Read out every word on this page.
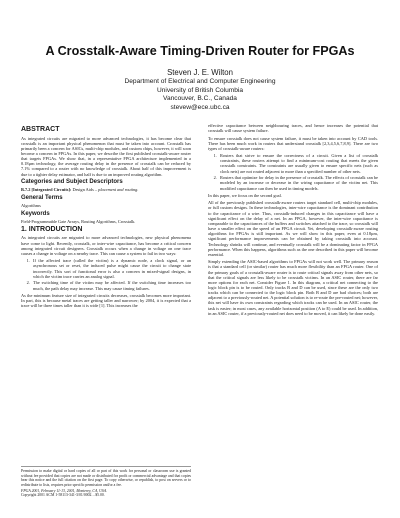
A Crosstalk-Aware Timing-Driven Router for FPGAs
Steven J. E. Wilton
Department of Electrical and Computer Engineering
University of British Columbia
Vancouver, B.C., Canada
stevew@ece.ubc.ca
ABSTRACT

As integrated circuits are migrated to more advanced technologies, it has become clear that crosstalk is an important physical phenomenon that must be taken into account. Crosstalk has primarily been a concern for ASICs, multi-chip modules, and custom chips, however, it will soon become a concern in FPGAs. In this paper, we describe the first published crosstalk-aware router that targets FPGAs. We show that, in a representative FPGA architecture implemented in a 0.18µm technology, the average routing delay in the presence of crosstalk can be reduced by 7.1% compared to a router with no knowledge of crosstalk. About half of this improvement is due to a tighter delay estimator, and half is due to an improved routing algorithm.

Categories and Subject Descriptors

B.7.2 [Integrated Circuits]: Design Aids – placement and routing.

General Terms

Algorithms

Keywords

Field-Programmable Gate Arrays, Routing Algorithms, Crosstalk.

1. INTRODUCTION

As integrated circuits are migrated to more advanced technologies, new physical phenomena have come to light. Recently, crosstalk, or inter-wire capacitance, has become a critical concern among integrated circuit designers. Crosstalk occurs when a change in voltage on one trace causes a change in voltage on a nearby trace. This can cause a system to fail in two ways:

1. If the affected trace (called the victim) is a dynamic node, a clock signal, or an asynchronous set or reset, the induced pulse might cause the circuit to change state incorrectly. This sort of functional error is also a concern in mixed-signal designs, in which the victim trace carries an analog signal.
2. The switching time of the victim may be affected. If the switching time increases too much, the path delay may increase. This may cause timing failures.

As the minimum feature size of integrated circuits decreases, crosstalk becomes more important. In part, this is because metal traces are getting taller and narrower; by 2004, it is expected that a trace will be three times taller than it is wide [1]. This increases the

Permission to make digital or hard copies of all or part of this work for personal or classroom use is granted without fee provided that copies are not made or distributed for profit or commercial advantage and that copies bear this notice and the full citation on the first page. To copy otherwise, or republish, to post on servers or to redistribute to lists, requires prior specific permission and/or a fee.
FPGA 2001, February 11-13, 2001, Monterey, CA, USA.
Copyright 2001 ACM 1-58113-341-3/01/0002…$5.00.

effective capacitance between neighbouring traces, and hence increases the potential that crosstalk will cause system failure.

To ensure crosstalk does not cause system failure, it must be taken into account by CAD tools. There has been much work in routers that understand crosstalk [2,3,4,5,6,7,8,9]. There are two types of crosstalk-aware routers:

1. Routers that strive to ensure the correctness of a circuit. Given a list of crosstalk constraints, these routers attempt to find a minimum-cost routing that meets the given crosstalk constraints. The constraints are usually given to ensure specific nets (such as clock nets) are not routed adjacent to more than a specified number of other nets.
2. Routers that optimize for delay in the presence of crosstalk. The effects of crosstalk can be modeled by an increase or decrease in the wiring capacitance of the victim net. This modified capacitance can then be used in timing models.

In this paper, we focus on the second goal.

All of the previously published crosstalk-aware routers target standard cell, multi-chip modules, or full custom designs. In these technologies, inter-wire capacitance is the dominant contribution to the capacitance of a wire. Thus, crosstalk-induced changes in this capacitance will have a significant effect on the delay of a net. In an FPGA, however, the inter-wire capacitance is comparable to the capacitances of the buffers and switches attached to the trace, so crosstalk will have a smaller effect on the speed of an FPGA circuit. Yet, developing crosstalk-aware routing algorithms for FPGAs is still important. As we will show in this paper, even at 0.18µm, significant performance improvements can be obtained by taking crosstalk into account. Technology shrinks will continue, and eventually crosstalk will be a dominating factor in FPGA performance. When this happens, algorithms such as the one described in this paper will become essential.

Simply extending the ASIC-based algorithms to FPGAs will not work well. The primary reason is that a standard cell (or similar) router has much more flexibility than an FPGA router. One of the primary goals of a crosstalk-aware router is to route critical signals away from other nets, so that the critical signals are less likely to be crosstalk victims. In an ASIC router, there are far more options for each net. Consider Figure 1. In this diagram, a critical net connecting to the logic block pin is to be routed. Only tracks B and D can be used, since these are the only two tracks which can be connected to the logic block pin. Both B and D are bad choices; both are adjacent to a previously-routed net. A potential solution is to re-route the pre-routed net; however, this net will have its own constraints regarding which tracks can be used. In an ASIC router, the task is easier; in most cases, any available horizontal position (A to E) could be used. In addition, in an ASIC router, if a previously-routed net does need to be moved, it can likely be done easily.
